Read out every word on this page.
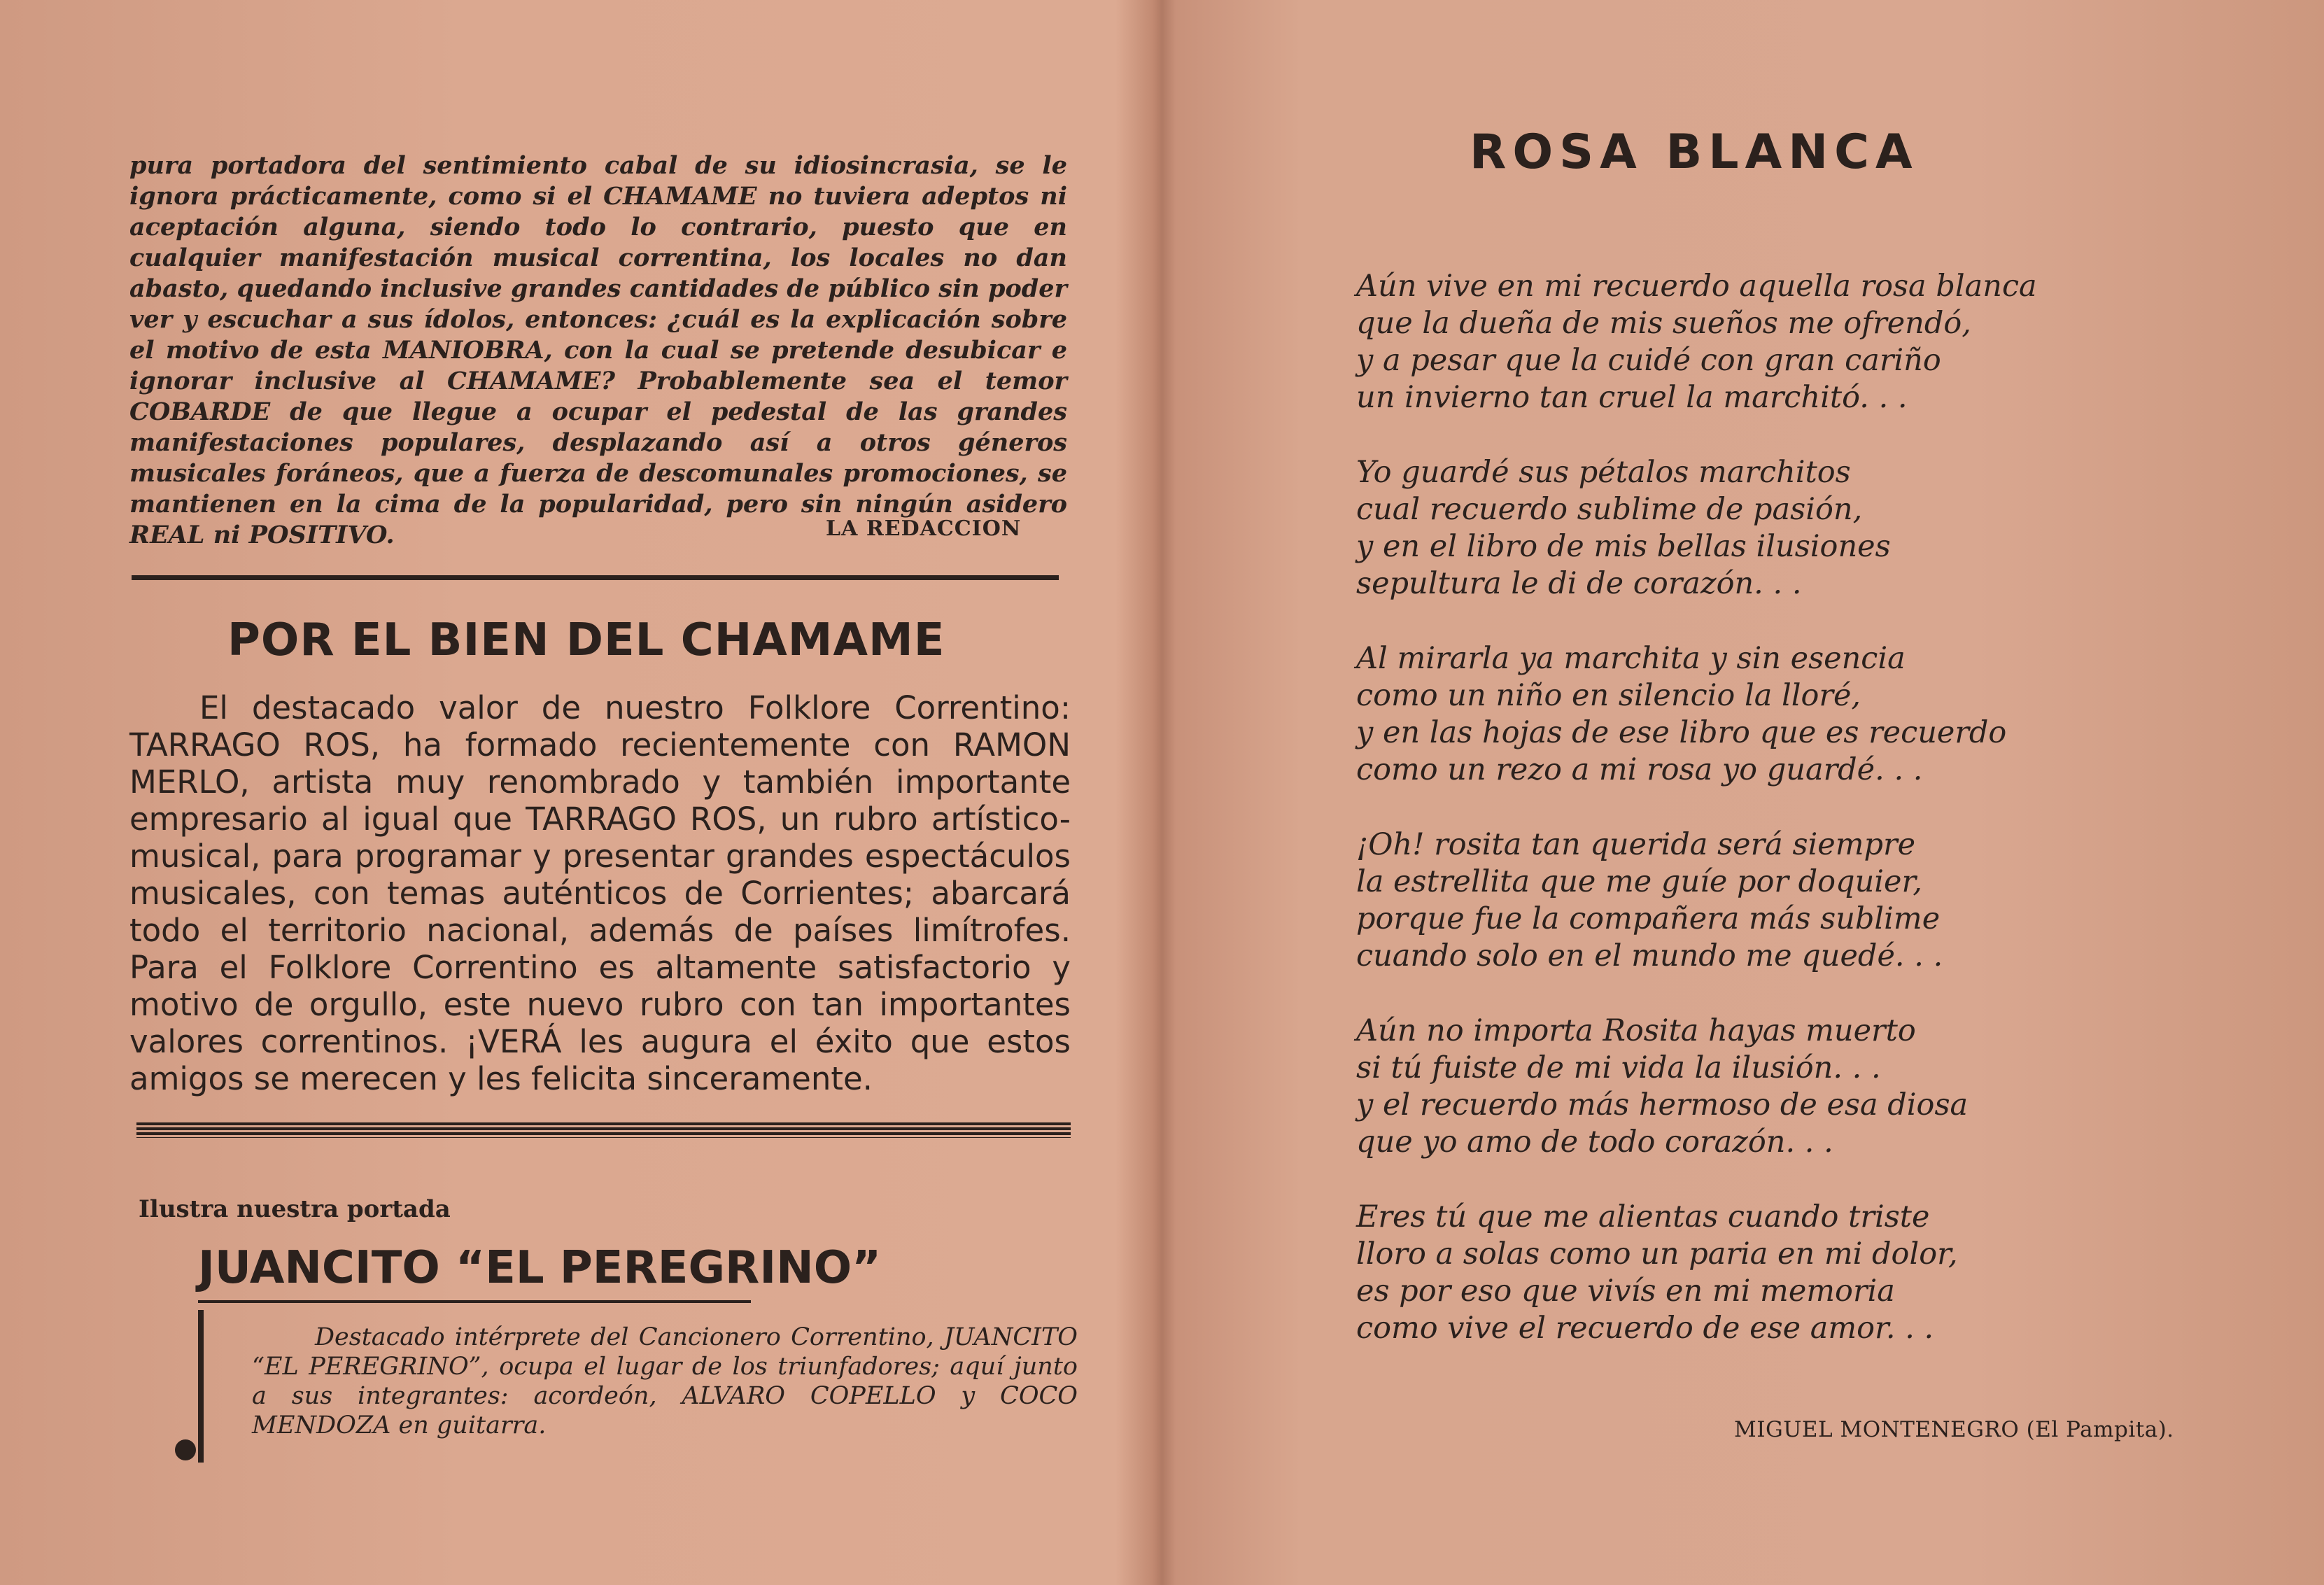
pura portadora del sentimiento cabal de su idiosincrasia, se le ignora prácticamente, como si el CHAMAME no tuviera adeptos ni aceptación alguna, siendo todo lo contrario, puesto que en cualquier manifestación musical correntina, los locales no dan abasto, quedando inclusive grandes cantidades de público sin poder ver y escuchar a sus ídolos, entonces: ¿cuál es la explicación sobre el motivo de esta MANIOBRA, con la cual se pretende desubicar e ignorar inclusive al CHAMAME? Probablemente sea el temor COBARDE de que llegue a ocupar el pedestal de las grandes manifestaciones populares, desplazando así a otros géneros musicales foráneos, que a fuerza de descomunales promociones, se mantienen en la cima de la popularidad, pero sin ningún asidero REAL ni POSITIVO.	LA REDACCION
POR EL BIEN DEL CHAMAME

El destacado valor de nuestro Folklore Correntino: TARRAGO ROS, ha formado recientemente con RAMON MERLO, artista muy renombrado y también importante empresario al igual que TARRAGO ROS, un rubro artístico-musical, para programar y presentar grandes espectáculos musicales, con temas auténticos de Corrientes; abarcará todo el territorio nacional, además de países limítrofes. Para el Folklore Correntino es altamente satisfactorio y motivo de orgullo, este nuevo rubro con tan importantes valores correntinos. ¡VERÁ les augura el éxito que estos amigos se merecen y les felicita sinceramente.

Ilustra nuestra portada

JUANCITO “EL PEREGRINO”

Destacado intérprete del Cancionero Correntino, JUANCITO “EL PEREGRINO”, ocupa el lugar de los triunfadores; aquí junto a sus integrantes: acordeón, ALVARO COPELLO y COCO MENDOZA en guitarra.

ROSA BLANCA
Aún vive en mi recuerdo aquella rosa blanca
que la dueña de mis sueños me ofrendó,
y a pesar que la cuidé con gran cariño
un invierno tan cruel la marchitó. . .
Yo guardé sus pétalos marchitos
cual recuerdo sublime de pasión,
y en el libro de mis bellas ilusiones
sepultura le di de corazón. . .
Al mirarla ya marchita y sin esencia
como un niño en silencio la lloré,
y en las hojas de ese libro que es recuerdo
como un rezo a mi rosa yo guardé. . .
¡Oh! rosita tan querida será siempre
la estrellita que me guíe por doquier,
porque fue la compañera más sublime
cuando solo en el mundo me quedé. . .
Aún no importa Rosita hayas muerto
si tú fuiste de mi vida la ilusión. . .
y el recuerdo más hermoso de esa diosa
que yo amo de todo corazón. . .
Eres tú que me alientas cuando triste
lloro a solas como un paria en mi dolor,
es por eso que vivís en mi memoria
como vive el recuerdo de ese amor. . .
MIGUEL MONTENEGRO (El Pampita).
